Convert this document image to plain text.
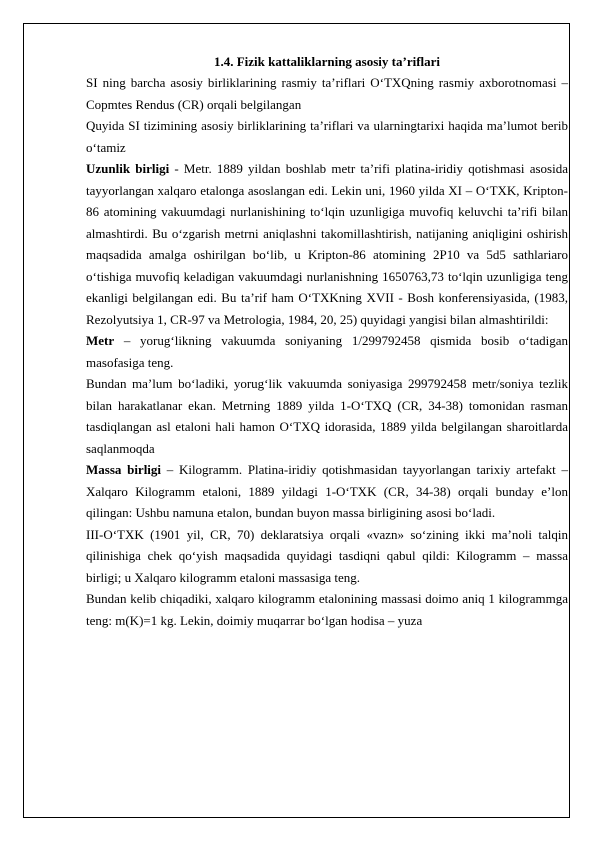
1.4. Fizik kattaliklarning asosiy ta’riflari

SI ning barcha asosiy birliklarining rasmiy ta’riflari O‘TXQning rasmiy axborotnomasi – Copmtes Rendus (CR) orqali belgilangan

Quyida SI tizimining asosiy birliklarining ta’riflari va ularningtarixi haqida ma’lumot berib o‘tamiz

Uzunlik birligi - Metr. 1889 yildan boshlab metr ta’rifi platina-iridiy qotishmasi asosida tayyorlangan xalqaro etalonga asoslangan edi. Lekin uni, 1960 yilda XI – O‘TXK, Kripton-86 atomining vakuumdagi nurlanishining to‘lqin uzunligiga muvofiq keluvchi ta’rifi bilan almashtirdi. Bu o‘zgarish metrni aniqlashni takomillashtirish, natijaning aniqligini oshirish maqsadida amalga oshirilgan bo‘lib, u Kripton-86 atomining 2P10 va 5d5 sathlariaro o‘tishiga muvofiq keladigan vakuumdagi nurlanishning 1650763,73 to‘lqin uzunligiga teng ekanligi belgilangan edi. Bu ta’rif ham O‘TXKning XVII - Bosh konferensiyasida, (1983, Rezolyutsiya 1, CR-97 va Metrologia, 1984, 20, 25) quyidagi yangisi bilan almashtirildi:

Metr – yorug‘likning vakuumda soniyaning 1/299792458 qismida bosib o‘tadigan masofasiga teng.

Bundan ma’lum bo‘ladiki, yorug‘lik vakuumda soniyasiga 299792458 metr/soniya tezlik bilan harakatlanar ekan. Metrning 1889 yilda 1-O‘TXQ (CR, 34-38) tomonidan rasman tasdiqlangan asl etaloni hali hamon O‘TXQ idorasida, 1889 yilda belgilangan sharoitlarda saqlanmoqda

Massa birligi – Kilogramm. Platina-iridiy qotishmasidan tayyorlangan tarixiy artefakt – Xalqaro Kilogramm etaloni, 1889 yildagi 1-O‘TXK (CR, 34-38) orqali bunday e’lon qilingan: Ushbu namuna etalon, bundan buyon massa birligining asosi bo‘ladi.

III-O‘TXK (1901 yil, CR, 70) deklaratsiya orqali «vazn» so‘zining ikki ma’noli talqin qilinishiga chek qo‘yish maqsadida quyidagi tasdiqni qabul qildi: Kilogramm – massa birligi; u Xalqaro kilogramm etaloni massasiga teng.

Bundan kelib chiqadiki, xalqaro kilogramm etalonining massasi doimo aniq 1 kilogrammga teng: m(K)=1 kg. Lekin, doimiy muqarrar bo‘lgan hodisa – yuza
